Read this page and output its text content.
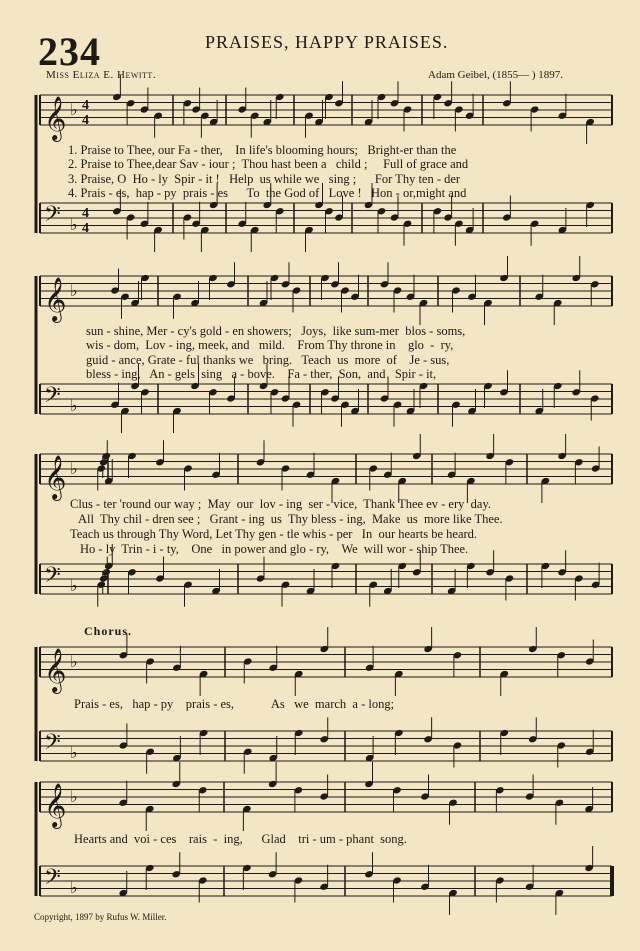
234	PRAISES, HAPPY PRAISES.
Miss Eliza E. Hewitt.	Adam Geibel, (1855— ) 1897.
𝄞 ♭ 4
4
𝄢 ♭
4
4
𝄞 ♭
𝄢 ♭
𝄞 ♭
𝄢 ♭
𝄞 ♭
𝄢 ♭
𝄞 ♭
𝄢 ♭
1. Praise to Thee, our Fa - ther,    In life's blooming hours;   Bright-er than the
2. Praise to Thee,dear Sav - iour ;  Thou hast been a   child ;     Full of grace and
3. Praise, O  Ho - ly  Spir - it !   Help  us while we   sing ;      For Thy ten - der
4. Prais - es,  hap - py  prais - es      To  the God of   Love !   Hon - or,might and
sun - shine, Mer - cy's gold - en showers;   Joys,  like sum-mer  blos - soms,
wis - dom,  Lov - ing, meek, and   mild.    From Thy throne in    glo  -  ry,
guid - ance, Grate - ful thanks we   bring.   Teach  us  more  of    Je - sus,
bless - ing,   An - gels  sing   a - bove.    Fa - ther,  Son,  and   Spir - it,
Clus - ter 'round our way ;  May  our  lov - ing  ser - vice,  Thank Thee ev - ery  day.
All  Thy chil - dren see ;   Grant - ing  us  Thy bless - ing,  Make  us  more like Thee.
Teach us through Thy Word, Let Thy gen - tle whis - per   In  our hearts be heard.
Ho - ly  Trin - i - ty,    One   in power and glo - ry,    We  will wor - ship Thee.
Chorus.
Prais - es,   hap - py    prais - es,            As   we  march  a - long;
Hearts and  voi - ces    rais  -  ing,      Glad    tri - um - phant  song.
Copyright, 1897 by Rufus W. Miller.
